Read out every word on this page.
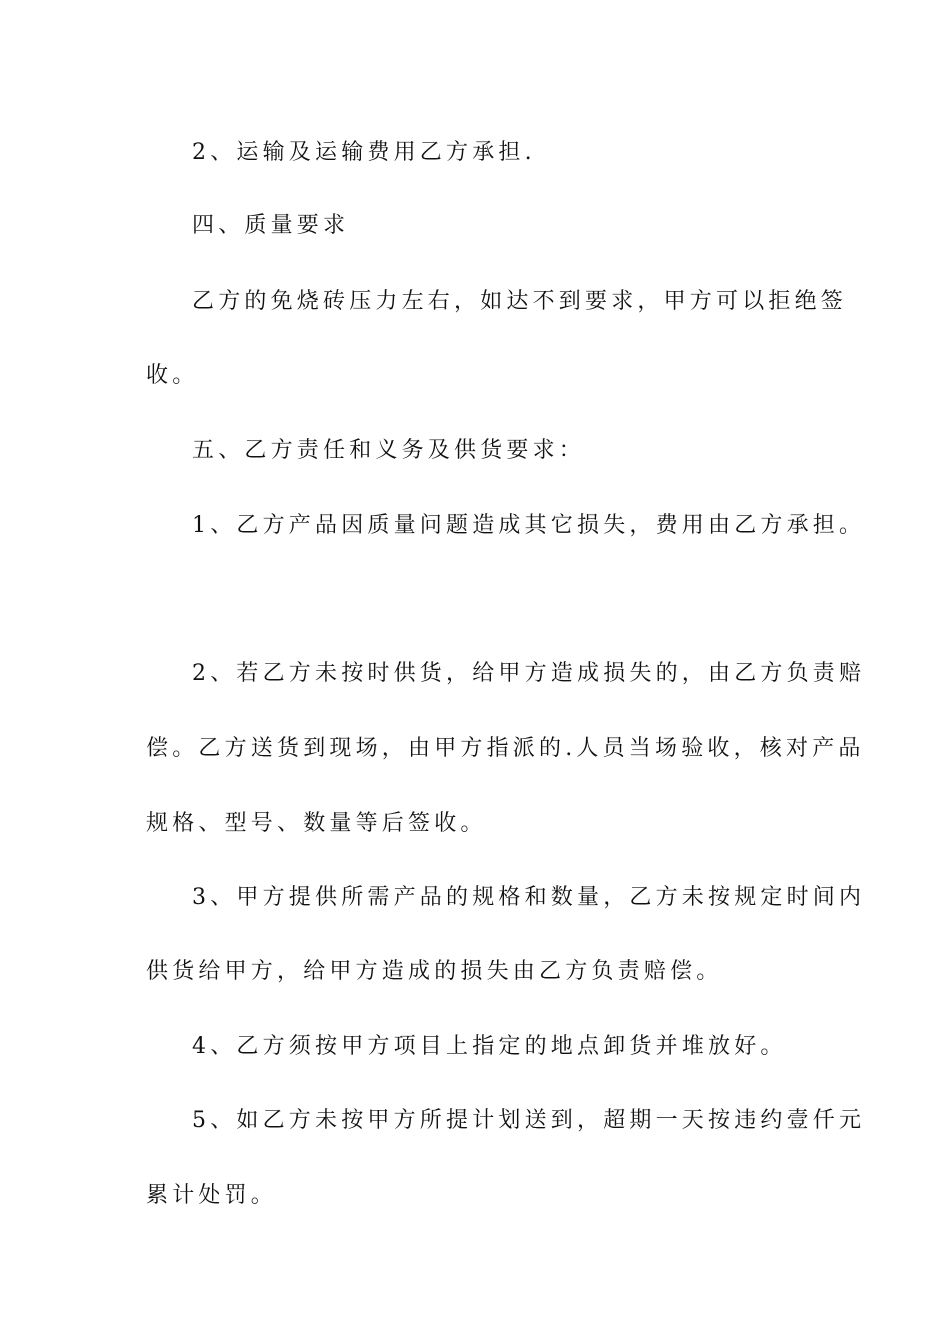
2、运输及运输费用乙方承担.
四、质量要求
乙方的免烧砖压力左右，如达不到要求，甲方可以拒绝签
收。
五、乙方责任和义务及供货要求：
1、乙方产品因质量问题造成其它损失，费用由乙方承担。
2、若乙方未按时供货，给甲方造成损失的，由乙方负责赔
偿。乙方送货到现场，由甲方指派的.人员当场验收，核对产品
规格、型号、数量等后签收。
3、甲方提供所需产品的规格和数量，乙方未按规定时间内
供货给甲方，给甲方造成的损失由乙方负责赔偿。
4、乙方须按甲方项目上指定的地点卸货并堆放好。
5、如乙方未按甲方所提计划送到，超期一天按违约壹仟元
累计处罚。
